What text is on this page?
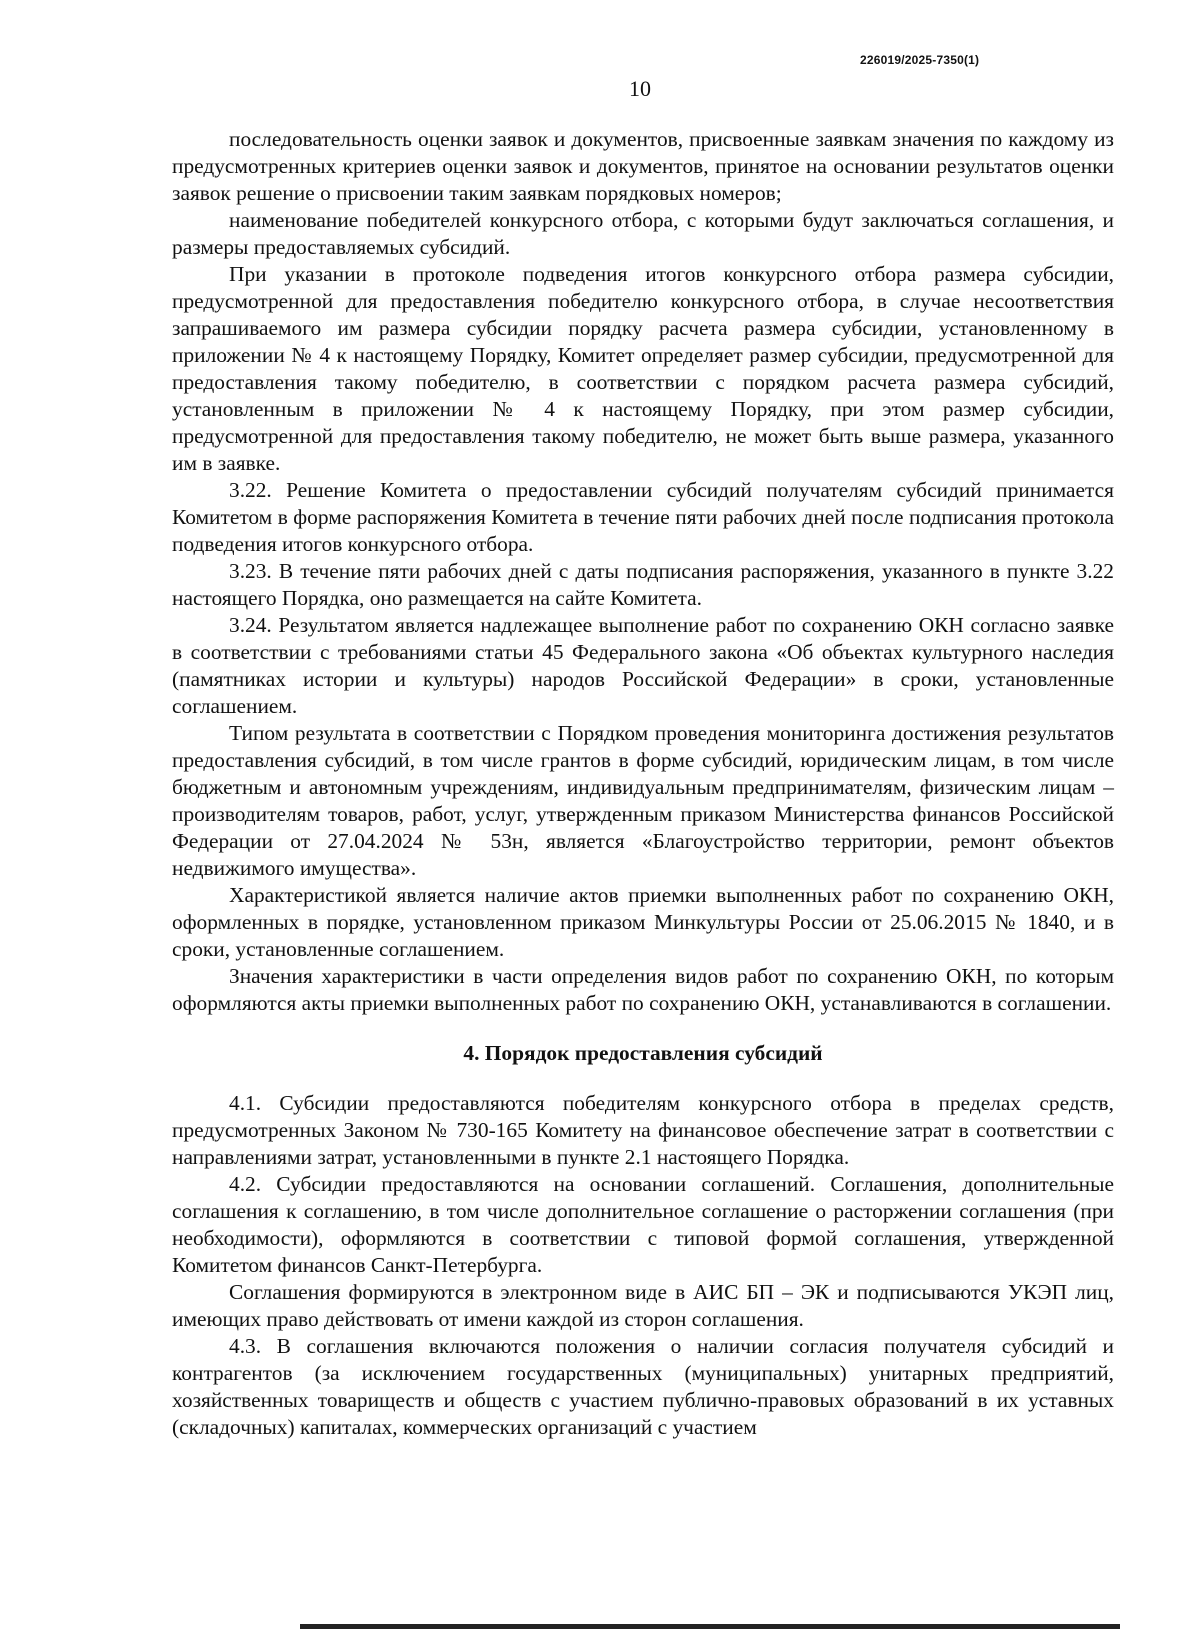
226019/2025-7350(1)
10

последовательность оценки заявок и документов, присвоенные заявкам значения по каждому из предусмотренных критериев оценки заявок и документов, принятое на основании результатов оценки заявок решение о присвоении таким заявкам порядковых номеров;

наименование победителей конкурсного отбора, с которыми будут заключаться соглашения, и размеры предоставляемых субсидий.

При указании в протоколе подведения итогов конкурсного отбора размера субсидии, предусмотренной для предоставления победителю конкурсного отбора, в случае несоответствия запрашиваемого им размера субсидии порядку расчета размера субсидии, установленному в приложении № 4 к настоящему Порядку, Комитет определяет размер субсидии, предусмотренной для предоставления такому победителю, в соответствии с порядком расчета размера субсидий, установленным в приложении № 4 к настоящему Порядку, при этом размер субсидии, предусмотренной для предоставления такому победителю, не может быть выше размера, указанного им в заявке.

3.22. Решение Комитета о предоставлении субсидий получателям субсидий принимается Комитетом в форме распоряжения Комитета в течение пяти рабочих дней после подписания протокола подведения итогов конкурсного отбора.

3.23. В течение пяти рабочих дней с даты подписания распоряжения, указанного в пункте 3.22 настоящего Порядка, оно размещается на сайте Комитета.

3.24. Результатом является надлежащее выполнение работ по сохранению ОКН согласно заявке в соответствии с требованиями статьи 45 Федерального закона «Об объектах культурного наследия (памятниках истории и культуры) народов Российской Федерации» в сроки, установленные соглашением.

Типом результата в соответствии с Порядком проведения мониторинга достижения результатов предоставления субсидий, в том числе грантов в форме субсидий, юридическим лицам, в том числе бюджетным и автономным учреждениям, индивидуальным предпринимателям, физическим лицам – производителям товаров, работ, услуг, утвержденным приказом Министерства финансов Российской Федерации от 27.04.2024 № 53н, является «Благоустройство территории, ремонт объектов недвижимого имущества».

Характеристикой является наличие актов приемки выполненных работ по сохранению ОКН, оформленных в порядке, установленном приказом Минкультуры России от 25.06.2015 № 1840, и в сроки, установленные соглашением.

Значения характеристики в части определения видов работ по сохранению ОКН, по которым оформляются акты приемки выполненных работ по сохранению ОКН, устанавливаются в соглашении.

4. Порядок предоставления субсидий

4.1. Субсидии предоставляются победителям конкурсного отбора в пределах средств, предусмотренных Законом № 730-165 Комитету на финансовое обеспечение затрат в соответствии с направлениями затрат, установленными в пункте 2.1 настоящего Порядка.

4.2. Субсидии предоставляются на основании соглашений. Соглашения, дополнительные соглашения к соглашению, в том числе дополнительное соглашение о расторжении соглашения (при необходимости), оформляются в соответствии с типовой формой соглашения, утвержденной Комитетом финансов Санкт-Петербурга.

Соглашения формируются в электронном виде в АИС БП – ЭК и подписываются УКЭП лиц, имеющих право действовать от имени каждой из сторон соглашения.

4.3. В соглашения включаются положения о наличии согласия получателя субсидий и контрагентов (за исключением государственных (муниципальных) унитарных предприятий, хозяйственных товариществ и обществ с участием публично-правовых образований в их уставных (складочных) капиталах, коммерческих организаций с участием
